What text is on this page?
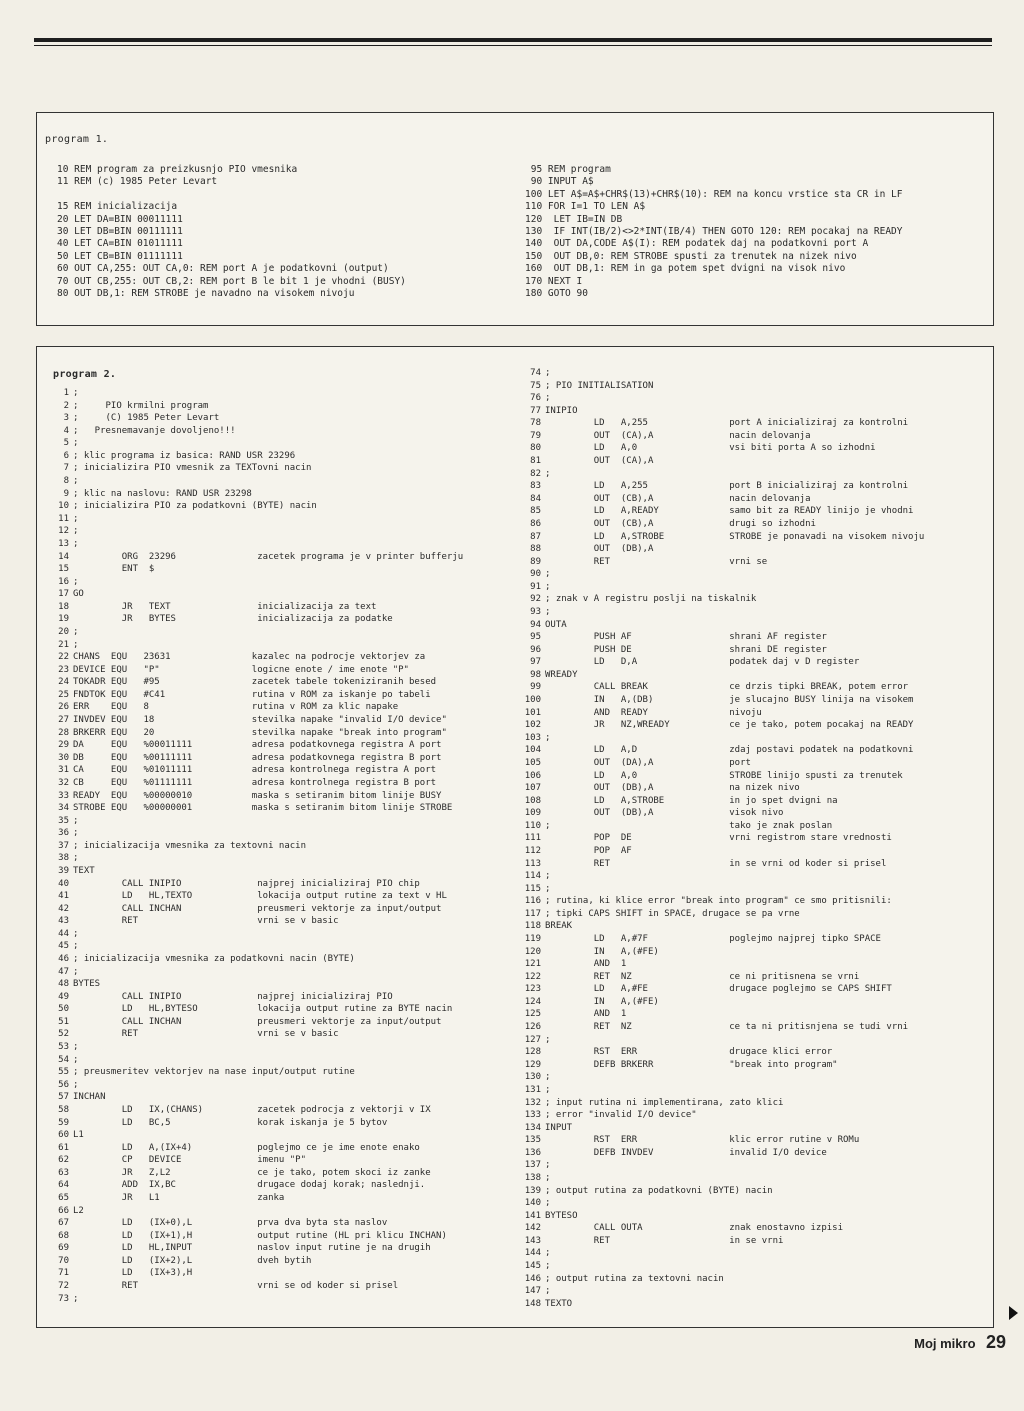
program 1.
10 REM program za preizkusnjo PIO vmesnika
11 REM (c) 1985 Peter Levart
15 REM inicializacija
20 LET DA=BIN 00011111
30 LET DB=BIN 00111111
40 LET CA=BIN 01011111
50 LET CB=BIN 01111111
60 OUT CA,255: OUT CA,0: REM port A je podatkovni (output)
70 OUT CB,255: OUT CB,2: REM port B le bit 1 je vhodni (BUSY)
80 OUT DB,1: REM STROBE je navadno na visokem nivoju
95 REM program
90 INPUT A$
100 LET A$=A$+CHR$(13)+CHR$(10): REM na koncu vrstice sta CR in LF
110 FOR I=1 TO LEN A$
120  LET IB=IN DB
130  IF INT(IB/2)<>2*INT(IB/4) THEN GOTO 120: REM pocakaj na READY
140  OUT DA,CODE A$(I): REM podatek daj na podatkovni port A
150  OUT DB,0: REM STROBE spusti za trenutek na nizek nivo
160  OUT DB,1: REM in ga potem spet dvigni na visok nivo
170 NEXT I
180 GOTO 90
program 2.
1 ;
2 ;     PIO krmilni program
3 ;     (C) 1985 Peter Levart
4 ;   Presnemavanje dovoljeno!!!
5 ;
6 ; klic programa iz basica: RAND USR 23296
7 ; inicializira PIO vmesnik za TEXTovni nacin
8 ;
9 ; klic na naslovu: RAND USR 23298
10 ; inicializira PIO za podatkovni (BYTE) nacin
11 ;
12 ;
13 ;
14         ORG  23296               zacetek programa je v printer bufferju
15         ENT  $
16 ;
17 GO
18         JR   TEXT                inicializacija za text
19         JR   BYTES               inicializacija za podatke
20 ;
21 ;
22 CHANS  EQU   23631               kazalec na podrocje vektorjev za
23 DEVICE EQU   "P"                 logicne enote / ime enote "P"
24 TOKADR EQU   #95                 zacetek tabele tokeniziranih besed
25 FNDTOK EQU   #C41                rutina v ROM za iskanje po tabeli
26 ERR    EQU   8                   rutina v ROM za klic napake
27 INVDEV EQU   18                  stevilka napake "invalid I/O device"
28 BRKERR EQU   20                  stevilka napake "break into program"
29 DA     EQU   %00011111           adresa podatkovnega registra A port
30 DB     EQU   %00111111           adresa podatkovnega registra B port
31 CA     EQU   %01011111           adresa kontrolnega registra A port
32 CB     EQU   %01111111           adresa kontrolnega registra B port
33 READY  EQU   %00000010           maska s setiranim bitom linije BUSY
34 STROBE EQU   %00000001           maska s setiranim bitom linije STROBE
35 ;
36 ;
37 ; inicializacija vmesnika za textovni nacin
38 ;
39 TEXT
40         CALL INIPIO              najprej inicializiraj PIO chip
41         LD   HL,TEXTO            lokacija output rutine za text v HL
42         CALL INCHAN              preusmeri vektorje za input/output
43         RET                      vrni se v basic
44 ;
45 ;
46 ; inicializacija vmesnika za podatkovni nacin (BYTE)
47 ;
48 BYTES
49         CALL INIPIO              najprej inicializiraj PIO
50         LD   HL,BYTESO           lokacija output rutine za BYTE nacin
51         CALL INCHAN              preusmeri vektorje za input/output
52         RET                      vrni se v basic
53 ;
54 ;
55 ; preusmeritev vektorjev na nase input/output rutine
56 ;
57 INCHAN
58         LD   IX,(CHANS)          zacetek podrocja z vektorji v IX
59         LD   BC,5                korak iskanja je 5 bytov
60 L1
61         LD   A,(IX+4)            poglejmo ce je ime enote enako
62         CP   DEVICE              imenu "P"
63         JR   Z,L2                ce je tako, potem skoci iz zanke
64         ADD  IX,BC               drugace dodaj korak; naslednji.
65         JR   L1                  zanka
66 L2
67         LD   (IX+0),L            prva dva byta sta naslov
68         LD   (IX+1),H            output rutine (HL pri klicu INCHAN)
69         LD   HL,INPUT            naslov input rutine je na drugih
70         LD   (IX+2),L            dveh bytih
71         LD   (IX+3),H
72         RET                      vrni se od koder si prisel
73 ;
74 ;
75 ; PIO INITIALISATION
76 ;
77 INIPIO
78         LD   A,255               port A inicializiraj za kontrolni
79         OUT  (CA),A              nacin delovanja
80         LD   A,0                 vsi biti porta A so izhodni
81         OUT  (CA),A
82 ;
83         LD   A,255               port B inicializiraj za kontrolni
84         OUT  (CB),A              nacin delovanja
85         LD   A,READY             samo bit za READY linijo je vhodni
86         OUT  (CB),A              drugi so izhodni
87         LD   A,STROBE            STROBE je ponavadi na visokem nivoju
88         OUT  (DB),A
89         RET                      vrni se
90 ;
91 ;
92 ; znak v A registru poslji na tiskalnik
93 ;
94 OUTA
95         PUSH AF                  shrani AF register
96         PUSH DE                  shrani DE register
97         LD   D,A                 podatek daj v D register
98 WREADY
99         CALL BREAK               ce drzis tipki BREAK, potem error
100         IN   A,(DB)              je slucajno BUSY linija na visokem
101         AND  READY               nivoju
102         JR   NZ,WREADY           ce je tako, potem pocakaj na READY
103 ;
104         LD   A,D                 zdaj postavi podatek na podatkovni
105         OUT  (DA),A              port
106         LD   A,0                 STROBE linijo spusti za trenutek
107         OUT  (DB),A              na nizek nivo
108         LD   A,STROBE            in jo spet dvigni na
109         OUT  (DB),A              visok nivo
110 ;                                 tako je znak poslan
111         POP  DE                  vrni registrom stare vrednosti
112         POP  AF
113         RET                      in se vrni od koder si prisel
114 ;
115 ;
116 ; rutina, ki klice error "break into program" ce smo pritisnili:
117 ; tipki CAPS SHIFT in SPACE, drugace se pa vrne
118 BREAK
119         LD   A,#7F               poglejmo najprej tipko SPACE
120         IN   A,(#FE)
121         AND  1
122         RET  NZ                  ce ni pritisnena se vrni
123         LD   A,#FE               drugace poglejmo se CAPS SHIFT
124         IN   A,(#FE)
125         AND  1
126         RET  NZ                  ce ta ni pritisnjena se tudi vrni
127 ;
128         RST  ERR                 drugace klici error
129         DEFB BRKERR              "break into program"
130 ;
131 ;
132 ; input rutina ni implementirana, zato klici
133 ; error "invalid I/O device"
134 INPUT
135         RST  ERR                 klic error rutine v ROMu
136         DEFB INVDEV              invalid I/O device
137 ;
138 ;
139 ; output rutina za podatkovni (BYTE) nacin
140 ;
141 BYTESO
142         CALL OUTA                znak enostavno izpisi
143         RET                      in se vrni
144 ;
145 ;
146 ; output rutina za textovni nacin
147 ;
148 TEXTO
Moj mikro 29
